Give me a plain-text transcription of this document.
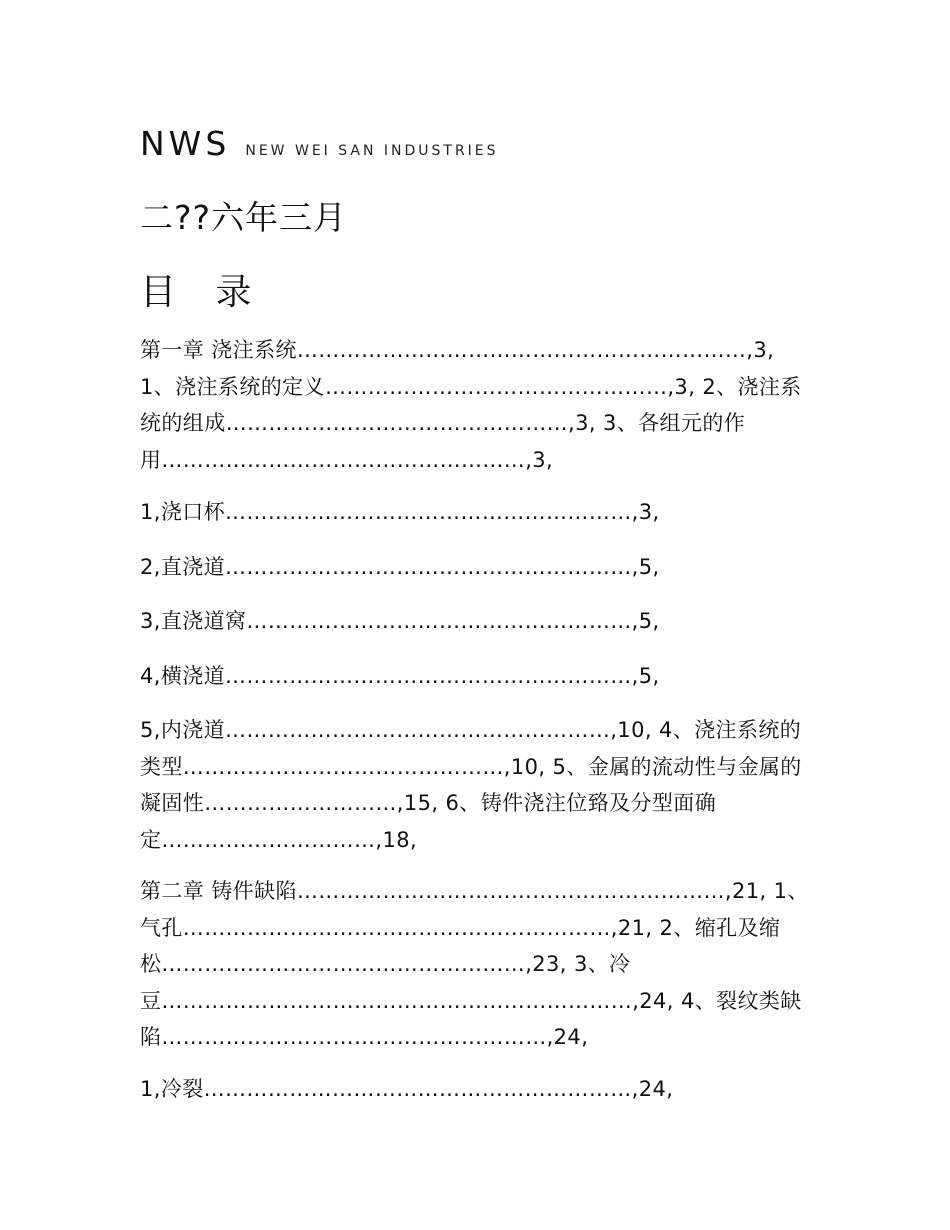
NWS NEW WEI SAN INDUSTRIES
二??六年三月
目 录
第一章 浇注系统………………………………………………………,3, 1、浇注系统的定义…………………………………………,3, 2、浇注系统的组成…………………………………………,3, 3、各组元的作用……………………………………………,3,
1,浇口杯…………………………………………………,3,
2,直浇道…………………………………………………,5,
3,直浇道窝………………………………………………,5,
4,横浇道…………………………………………………,5,
5,内浇道………………………………………………,10, 4、浇注系统的类型………………………………………,10, 5、金属的流动性与金属的凝固性………………………,15, 6、铸件浇注位臵及分型面确定…………………………,18,
第二章 铸件缺陷……………………………………………………,21, 1、气孔……………………………………………………,21, 2、缩孔及缩松……………………………………………,23, 3、冷豆…………………………………………………………,24, 4、裂纹类缺陷………………………………………………,24,
1,冷裂……………………………………………………,24,
